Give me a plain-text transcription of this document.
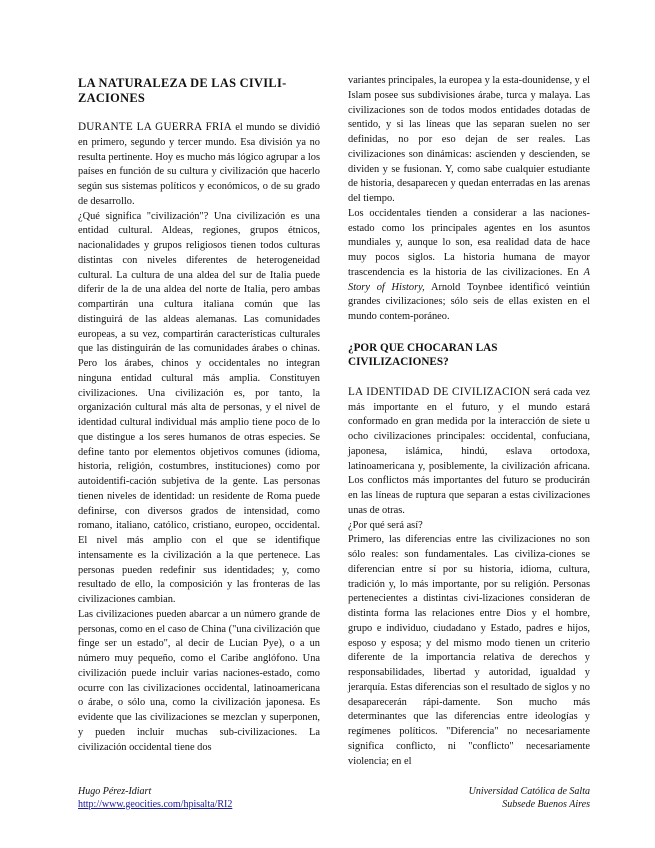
LA NATURALEZA DE LAS CIVILI-ZACIONES

DURANTE LA GUERRA FRIA el mundo se dividió en primero, segundo y tercer mundo. Esa división ya no resulta pertinente. Hoy es mucho más lógico agrupar a los países en función de su cultura y civilización que hacerlo según sus sistemas políticos y económicos, o de su grado de desarrollo.

¿Qué significa "civilización"? Una civilización es una entidad cultural. Aldeas, regiones, grupos étnicos, nacionalidades y grupos religiosos tienen todos culturas distintas con niveles diferentes de heterogeneidad cultural. La cultura de una aldea del sur de Italia puede diferir de la de una aldea del norte de Italia, pero ambas compartirán una cultura italiana común que las distinguirá de las aldeas alemanas. Las comunidades europeas, a su vez, compartirán características culturales que las distinguirán de las comunidades árabes o chinas. Pero los árabes, chinos y occidentales no integran ninguna entidad cultural más amplia. Constituyen civilizaciones. Una civilización es, por tanto, la organización cultural más alta de personas, y el nivel de identidad cultural individual más amplio tiene poco de lo que distingue a los seres humanos de otras especies. Se define tanto por elementos objetivos comunes (idioma, historia, religión, costumbres, instituciones) como por autoidentifi-cación subjetiva de la gente. Las personas tienen niveles de identidad: un residente de Roma puede definirse, con diversos grados de intensidad, como romano, italiano, católico, cristiano, europeo, occidental. El nivel más amplio con el que se identifique intensamente es la civilización a la que pertenece. Las personas pueden redefinir sus identidades; y, como resultado de ello, la composición y las fronteras de las civilizaciones cambian.

Las civilizaciones pueden abarcar a un número grande de personas, como en el caso de China ("una civilización que finge ser un estado", al decir de Lucian Pye), o a un número muy pequeño, como el Caribe anglófono. Una civilización puede incluir varias naciones-estado, como ocurre con las civilizaciones occidental, latinoamericana o árabe, o sólo una, como la civilización japonesa. Es evidente que las civilizaciones se mezclan y superponen, y pueden incluir muchas sub-civilizaciones. La civilización occidental tiene dos

variantes principales, la europea y la esta-dounidense, y el Islam posee sus subdivisiones árabe, turca y malaya. Las civilizaciones son de todos modos entidades dotadas de sentido, y si las líneas que las separan suelen no ser definidas, no por eso dejan de ser reales. Las civilizaciones son dinámicas: ascienden y descienden, se dividen y se fusionan. Y, como sabe cualquier estudiante de historia, desaparecen y quedan enterradas en las arenas del tiempo.

Los occidentales tienden a considerar a las naciones-estado como los principales agentes en los asuntos mundiales y, aunque lo son, esa realidad data de hace muy pocos siglos. La historia humana de mayor trascendencia es la historia de las civilizaciones. En A Story of History, Arnold Toynbee identificó veintiún grandes civilizaciones; sólo seis de ellas existen en el mundo contem-poráneo.

¿POR QUE CHOCARAN LAS CIVILIZACIONES?

LA IDENTIDAD DE CIVILIZACION será cada vez más importante en el futuro, y el mundo estará conformado en gran medida por la interacción de siete u ocho civilizaciones principales: occidental, confuciana, japonesa, islámica, hindú, eslava ortodoxa, latinoamericana y, posiblemente, la civilización africana. Los conflictos más importantes del futuro se producirán en las líneas de ruptura que separan a estas civilizaciones unas de otras.

¿Por qué será así?

Primero, las diferencias entre las civilizaciones no son sólo reales: son fundamentales. Las civiliza-ciones se diferencian entre sí por su historia, idioma, cultura, tradición y, lo más importante, por su religión. Personas pertenecientes a distintas civi-lizaciones consideran de distinta forma las relaciones entre Dios y el hombre, grupo e individuo, ciudadano y Estado, padres e hijos, esposo y esposa; y del mismo modo tienen un criterio diferente de la importancia relativa de derechos y responsabilidades, libertad y autoridad, igualdad y jerarquía. Estas diferencias son el resultado de siglos y no desaparecerán rápi-damente. Son mucho más determinantes que las diferencias entre ideologías y regímenes políticos. "Diferencia" no necesariamente significa conflicto, ni "conflicto" necesariamente violencia; en el

Hugo Pérez-Idiart
http://www.geocities.com/hpisalta/RI2
Universidad Católica de Salta
Subsede Buenos Aires
